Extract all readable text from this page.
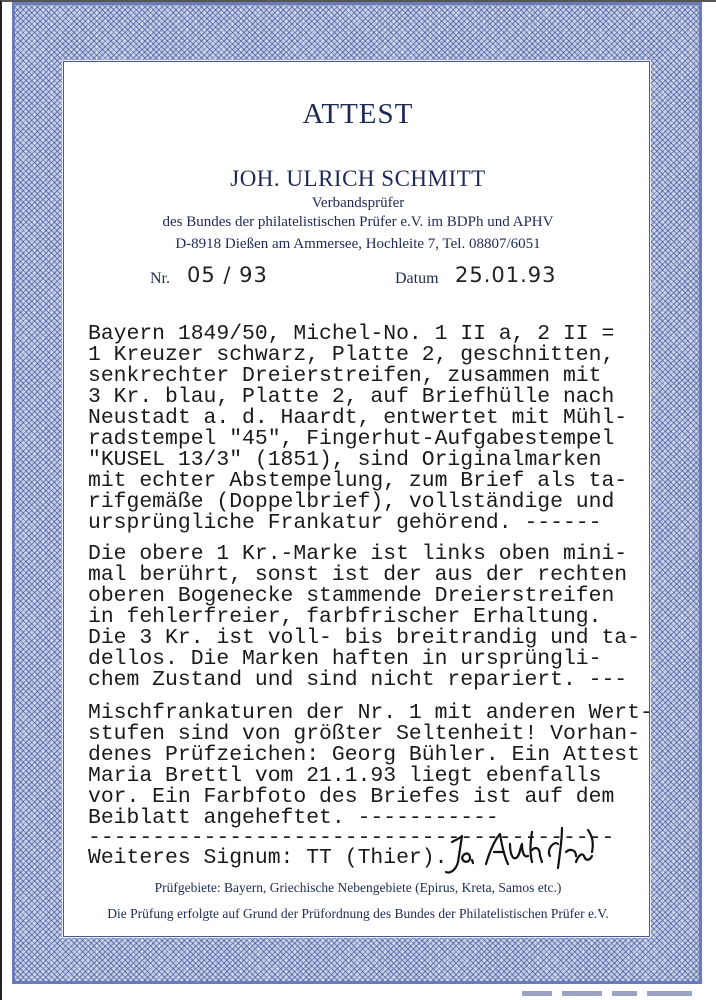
ATTEST
JOH. ULRICH SCHMITT
Verbandsprüfer
des Bundes der philatelistischen Prüfer e.V. im BDPh und APHV
D-8918 Dießen am Ammersee, Hochleite 7, Tel. 08807/6051
Nr. 05 / 93	Datum 25.01.93
Bayern 1849/50, Michel-No. 1 II a, 2 II =
1 Kreuzer schwarz, Platte 2, geschnitten,
senkrechter Dreierstreifen, zusammen mit
3 Kr. blau, Platte 2, auf Briefhülle nach
Neustadt a. d. Haardt, entwertet mit Mühl-
radstempel "45", Fingerhut-Aufgabestempel
"KUSEL 13/3" (1851), sind Originalmarken
mit echter Abstempelung, zum Brief als ta-
rifgemäße (Doppelbrief), vollständige und
ursprüngliche Frankatur gehörend. ------
Die obere 1 Kr.-Marke ist links oben mini-
mal berührt, sonst ist der aus der rechten
oberen Bogenecke stammende Dreierstreifen
in fehlerfreier, farbfrischer Erhaltung.
Die 3 Kr. ist voll- bis breitrandig und ta-
dellos. Die Marken haften in ursprüngli-
chem Zustand und sind nicht repariert. ---
Mischfrankaturen der Nr. 1 mit anderen Wert-
stufen sind von größter Seltenheit! Vorhan-
denes Prüfzeichen: Georg Bühler. Ein Attest
Maria Brettl vom 21.1.93 liegt ebenfalls
vor. Ein Farbfoto des Briefes ist auf dem
Beiblatt angeheftet. -----------
-----------------------------------------
Weiteres Signum: TT (Thier).
Prüfgebiete: Bayern, Griechische Nebengebiete (Epirus, Kreta, Samos etc.)
Die Prüfung erfolgte auf Grund der Prüfordnung des Bundes der Philatelistischen Prüfer e.V.
